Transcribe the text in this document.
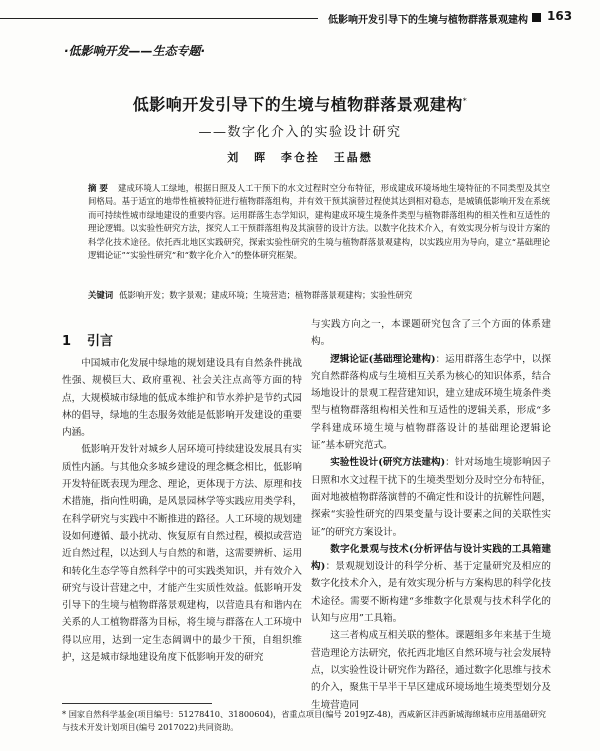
低影响开发引导下的生境与植物群落景观建构 163
·低影响开发——生态专题·
低影响开发引导下的生境与植物群落景观建构*
——数字化介入的实验设计研究
刘 晖 李仓拴 王晶懋
摘 要 建成环境人工绿地，根据日照及人工干预下的水文过程时空分布特征，形成建成环境场地生境特征的不同类型及其空间格局。基于适宜的地带性植被特征进行植物群落组构，并有效干预其演替过程使其达到相对稳态，是城镇低影响开发在系统而可持续性城市绿地建设的重要内容。运用群落生态学知识，建构建成环境生境条件类型与植物群落组构的相关性和互适性的理论逻辑。以实验性研究方法，探究人工干预群落组构及其演替的设计方法。以数字化技术介入，有效实现分析与设计方案的科学化技术途径。依托西北地区实践研究，探索实验性研究的生境与植物群落景观建构，以实践应用为导向，建立“基础理论逻辑论证”“实验性研究”和“数字化介入”的整体研究框架。
关键词 低影响开发；数字景观；建成环境；生境营造；植物群落景观建构；实验性研究
1 引言

中国城市化发展中绿地的规划建设具有自然条件挑战性强、规模巨大、政府重视、社会关注点高等方面的特点，大规模城市绿地的低成本维护和节水养护是节约式园林的倡导，绿地的生态服务效能是低影响开发建设的重要内涵。

低影响开发针对城乡人居环境可持续建设发展具有实质性内涵。与其他众多城乡建设的理念概念相比，低影响开发特征既表现为理念、理论，更体现于方法、原理和技术措施，指向性明确，是风景园林学等实践应用类学科，在科学研究与实践中不断推进的路径。人工环境的规划建设如何遵循、最小扰动、恢复原有自然过程，模拟或营造近自然过程，以达到人与自然的和谐，这需要辨析、运用和转化生态学等自然科学中的可实践类知识，并有效介入研究与设计营建之中，才能产生实质性效益。低影响开发引导下的生境与植物群落景观建构，以营造具有和谐内在关系的人工植物群落为目标，将生境与群落在人工环境中得以应用，达到一定生态阔调中的最少干预，自组织维护，这是城市绿地建设角度下低影响开发的研究

与实践方向之一，本课题研究包含了三个方面的体系建构。

逻辑论证(基础理论建构)：运用群落生态学中，以探究自然群落构成与生境相互关系为核心的知识体系，结合场地设计的景观工程营建知识，建立建成环境生境条件类型与植物群落组构相关性和互适性的逻辑关系，形成“多学科建成环境生境与植物群落设计的基础理论逻辑论证”基本研究范式。

实验性设计(研究方法建构)：针对场地生境影响因子日照和水文过程干扰下的生境类型划分及时空分布特征，面对地被植物群落演替的不确定性和设计的抗解性问题，探索“实验性研究的四果变量与设计要素之间的关联性实证”的研究方案设计。

数字化景观与技术(分析评估与设计实践的工具箱建构)：景观规划设计的科学分析、基于定量研究及相应的数字化技术介入，是有效实现分析与方案构思的科学化技术途径。需要不断构建“多维数字化景观与技术科学化的认知与应用”工具箱。

这三者构成互相关联的整体。课题组多年来基于生境营造理论方法研究，依托西北地区自然环境与社会发展特点，以实验性设计研究作为路径，通过数字化思维与技术的介入，聚焦干旱半干旱区建成环境场地生境类型划分及生境营造同

* 国家自然科学基金(项目编号：51278410、31800604)，省重点项目(编号 2019JZ-48)，西咸新区沣西新城海绵城市应用基础研究与技术开发计划项目(编号 2017022)共同资助。
